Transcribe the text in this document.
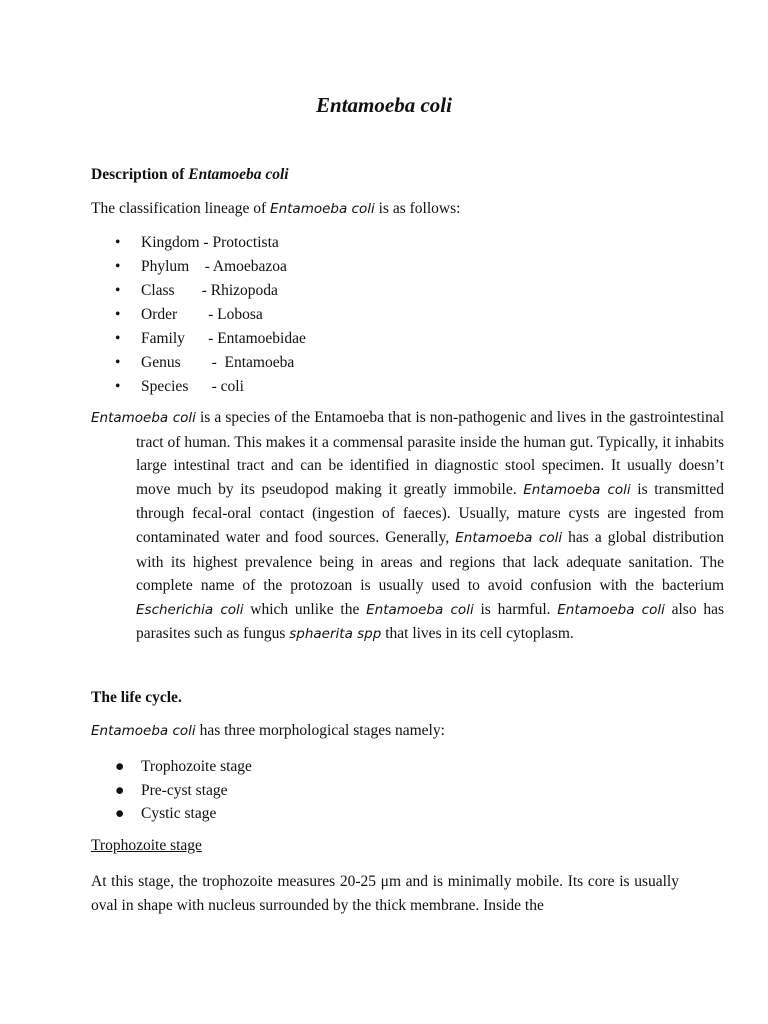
Entamoeba coli
Description of Entamoeba coli
The classification lineage of Entamoeba coli is as follows:
• Kingdom - Protoctista
• Phylum    - Amoebazoa
• Class       - Rhizopoda
• Order        - Lobosa
• Family      - Entamoebidae
• Genus        -  Entamoeba
• Species      - coli
Entamoeba coli is a species of the Entamoeba that is non-pathogenic and lives in the gastrointestinal tract of human. This makes it a commensal parasite inside the human gut. Typically, it inhabits large intestinal tract and can be identified in diagnostic stool specimen. It usually doesn’t move much by its pseudopod making it greatly immobile. Entamoeba coli is transmitted through fecal-oral contact (ingestion of faeces). Usually, mature cysts are ingested from contaminated water and food sources. Generally, Entamoeba coli has a global distribution with its highest prevalence being in areas and regions that lack adequate sanitation. The complete name of the protozoan is usually used to avoid confusion with the bacterium Escherichia coli which unlike the Entamoeba coli is harmful. Entamoeba coli also has parasites such as fungus sphaerita spp that lives in its cell cytoplasm.
The life cycle.
Entamoeba coli has three morphological stages namely:
● Trophozoite stage
● Pre-cyst stage
● Cystic stage
Trophozoite stage
At this stage, the trophozoite measures 20-25 μm and is minimally mobile. Its core is usually oval in shape with nucleus surrounded by the thick membrane. Inside the
